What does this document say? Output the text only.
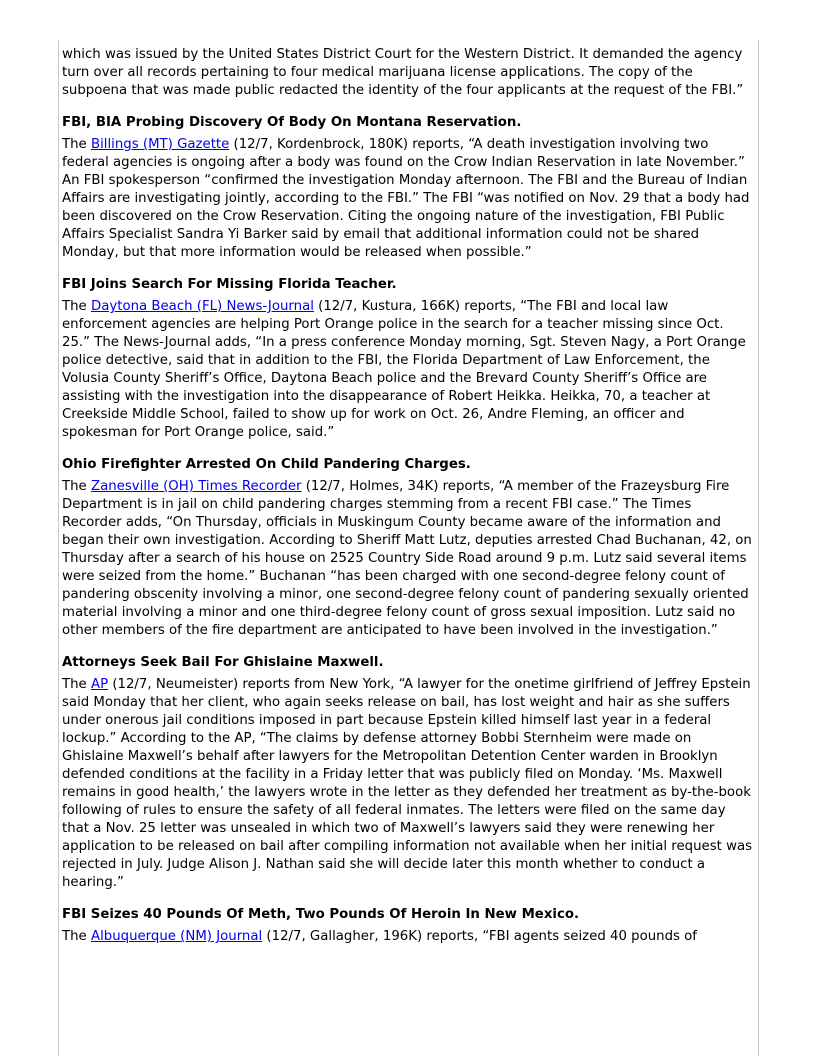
which was issued by the United States District Court for the Western District. It demanded the agency turn over all records pertaining to four medical marijuana license applications. The copy of the subpoena that was made public redacted the identity of the four applicants at the request of the FBI.”

FBI, BIA Probing Discovery Of Body On Montana Reservation.

The Billings (MT) Gazette (12/7, Kordenbrock, 180K) reports, “A death investigation involving two federal agencies is ongoing after a body was found on the Crow Indian Reservation in late November.” An FBI spokesperson “confirmed the investigation Monday afternoon. The FBI and the Bureau of Indian Affairs are investigating jointly, according to the FBI.” The FBI “was notified on Nov. 29 that a body had been discovered on the Crow Reservation. Citing the ongoing nature of the investigation, FBI Public Affairs Specialist Sandra Yi Barker said by email that additional information could not be shared Monday, but that more information would be released when possible.”

FBI Joins Search For Missing Florida Teacher.

The Daytona Beach (FL) News-Journal (12/7, Kustura, 166K) reports, “The FBI and local law enforcement agencies are helping Port Orange police in the search for a teacher missing since Oct. 25.” The News-Journal adds, “In a press conference Monday morning, Sgt. Steven Nagy, a Port Orange police detective, said that in addition to the FBI, the Florida Department of Law Enforcement, the Volusia County Sheriff’s Office, Daytona Beach police and the Brevard County Sheriff’s Office are assisting with the investigation into the disappearance of Robert Heikka. Heikka, 70, a teacher at Creekside Middle School, failed to show up for work on Oct. 26, Andre Fleming, an officer and spokesman for Port Orange police, said.”

Ohio Firefighter Arrested On Child Pandering Charges.

The Zanesville (OH) Times Recorder (12/7, Holmes, 34K) reports, “A member of the Frazeysburg Fire Department is in jail on child pandering charges stemming from a recent FBI case.” The Times Recorder adds, “On Thursday, officials in Muskingum County became aware of the information and began their own investigation. According to Sheriff Matt Lutz, deputies arrested Chad Buchanan, 42, on Thursday after a search of his house on 2525 Country Side Road around 9 p.m. Lutz said several items were seized from the home.” Buchanan “has been charged with one second-degree felony count of pandering obscenity involving a minor, one second-degree felony count of pandering sexually oriented material involving a minor and one third-degree felony count of gross sexual imposition. Lutz said no other members of the fire department are anticipated to have been involved in the investigation.”

Attorneys Seek Bail For Ghislaine Maxwell.

The AP (12/7, Neumeister) reports from New York, “A lawyer for the onetime girlfriend of Jeffrey Epstein said Monday that her client, who again seeks release on bail, has lost weight and hair as she suffers under onerous jail conditions imposed in part because Epstein killed himself last year in a federal lockup.” According to the AP, “The claims by defense attorney Bobbi Sternheim were made on Ghislaine Maxwell’s behalf after lawyers for the Metropolitan Detention Center warden in Brooklyn defended conditions at the facility in a Friday letter that was publicly filed on Monday. ‘Ms. Maxwell remains in good health,’ the lawyers wrote in the letter as they defended her treatment as by-the-book following of rules to ensure the safety of all federal inmates. The letters were filed on the same day that a Nov. 25 letter was unsealed in which two of Maxwell’s lawyers said they were renewing her application to be released on bail after compiling information not available when her initial request was rejected in July. Judge Alison J. Nathan said she will decide later this month whether to conduct a hearing.”

FBI Seizes 40 Pounds Of Meth, Two Pounds Of Heroin In New Mexico.

The Albuquerque (NM) Journal (12/7, Gallagher, 196K) reports, “FBI agents seized 40 pounds of
